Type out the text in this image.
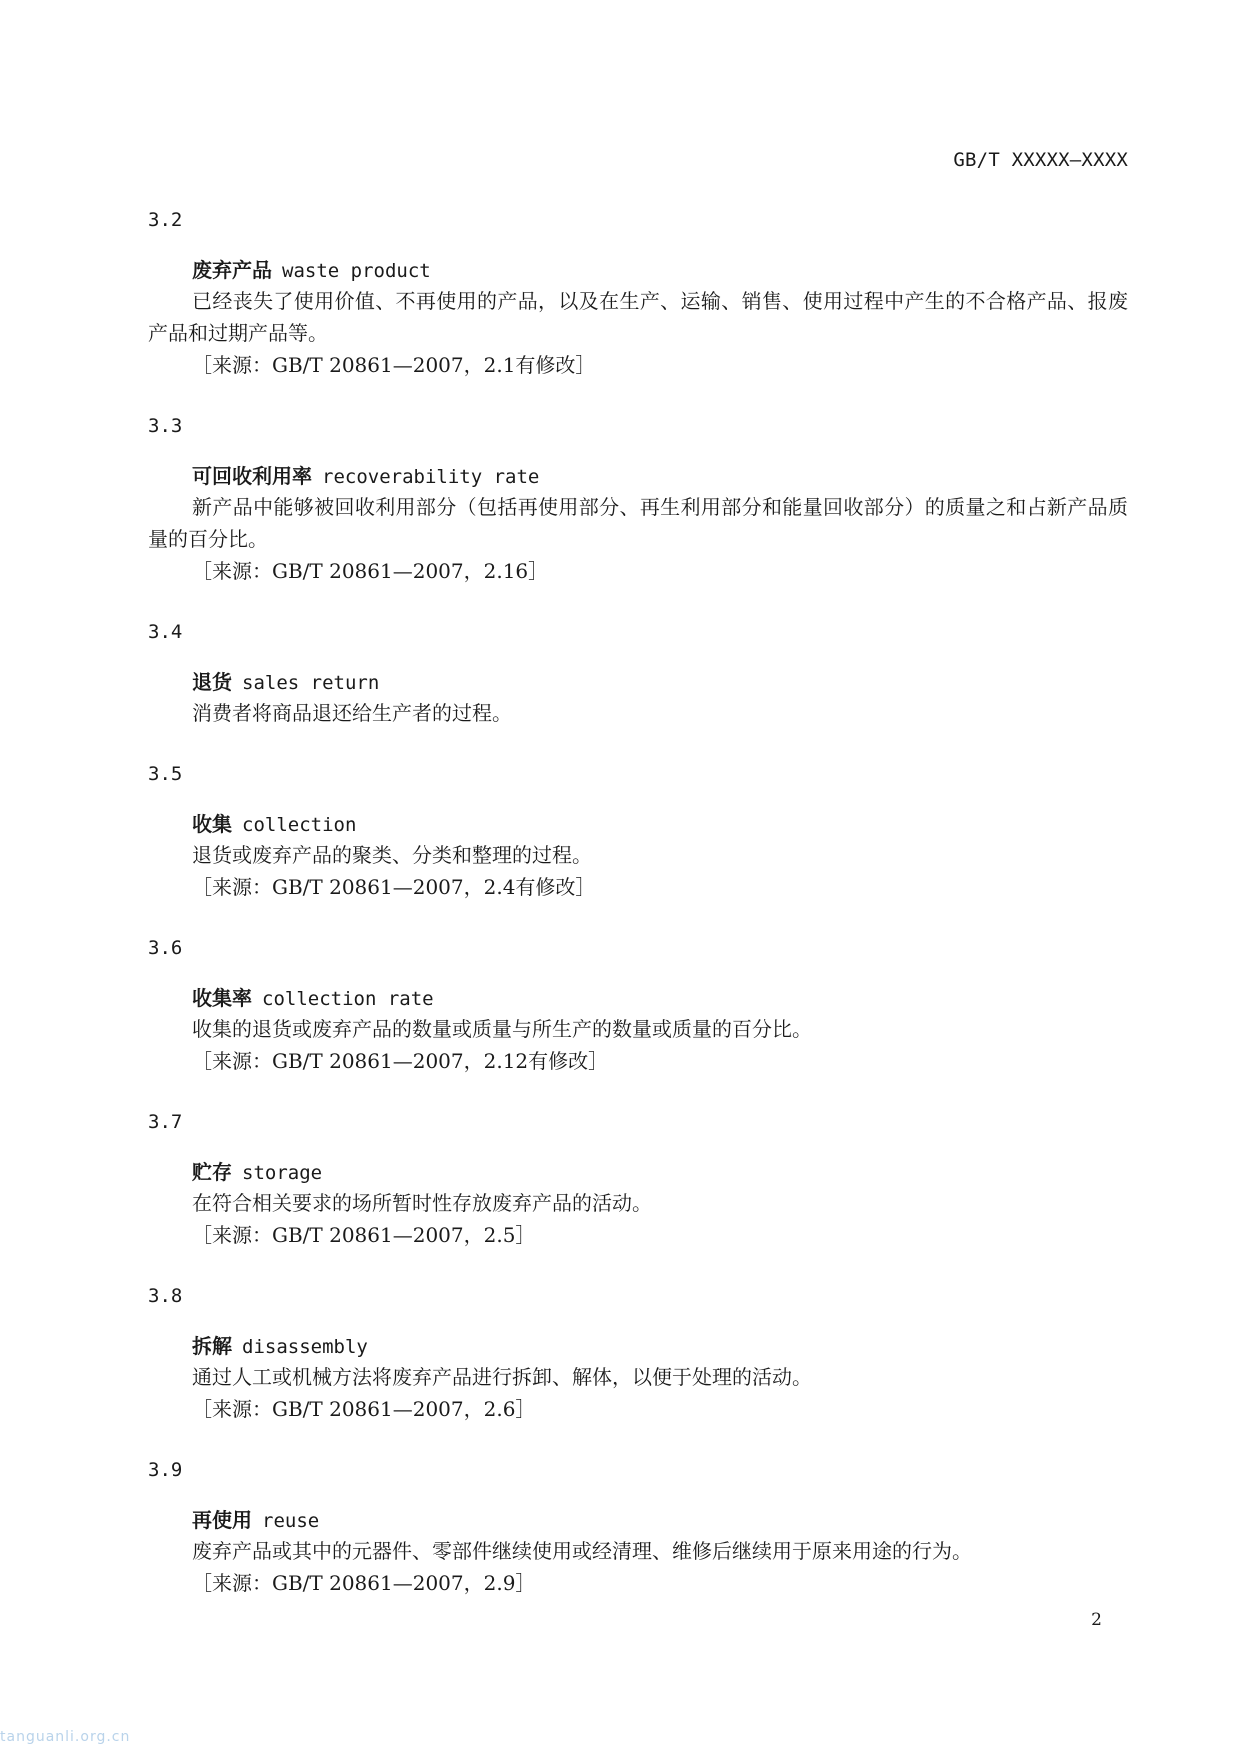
GB/T XXXXX—XXXX
3.2
废弃产品 waste product
已经丧失了使用价值、不再使用的产品，以及在生产、运输、销售、使用过程中产生的不合格产品、报废产品和过期产品等。
［来源：GB/T 20861—2007，2.1有修改］
3.3
可回收利用率 recoverability rate
新产品中能够被回收利用部分（包括再使用部分、再生利用部分和能量回收部分）的质量之和占新产品质量的百分比。
［来源：GB/T 20861—2007，2.16］
3.4
退货 sales return
消费者将商品退还给生产者的过程。
3.5
收集 collection
退货或废弃产品的聚类、分类和整理的过程。
［来源：GB/T 20861—2007，2.4有修改］
3.6
收集率 collection rate
收集的退货或废弃产品的数量或质量与所生产的数量或质量的百分比。
［来源：GB/T 20861—2007，2.12有修改］
3.7
贮存 storage
在符合相关要求的场所暂时性存放废弃产品的活动。
［来源：GB/T 20861—2007，2.5］
3.8
拆解 disassembly
通过人工或机械方法将废弃产品进行拆卸、解体，以便于处理的活动。
［来源：GB/T 20861—2007，2.6］
3.9
再使用 reuse
废弃产品或其中的元器件、零部件继续使用或经清理、维修后继续用于原来用途的行为。
［来源：GB/T 20861—2007，2.9］
2
tanguanli.org.cn
